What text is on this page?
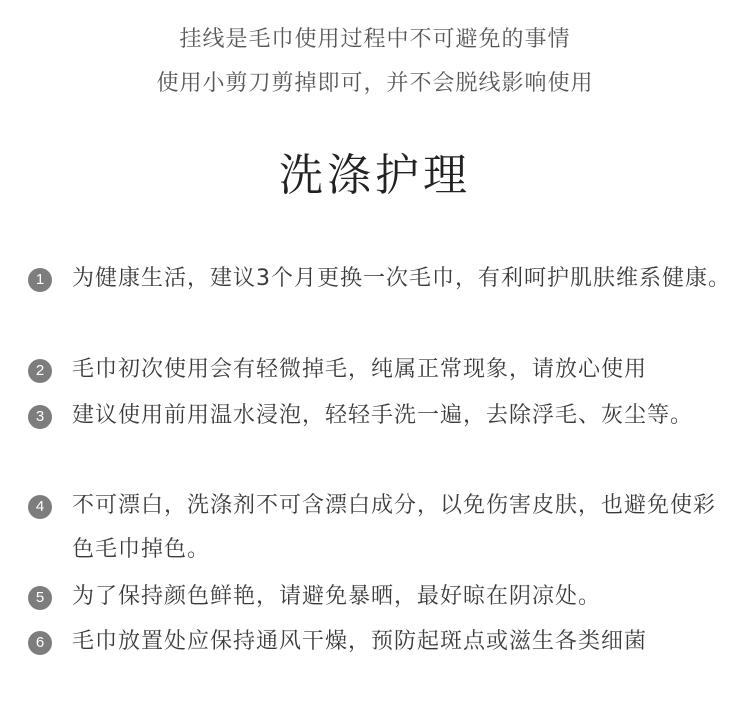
挂线是毛巾使用过程中不可避免的事情
使用小剪刀剪掉即可，并不会脱线影响使用
洗涤护理
1	为健康生活，建议3个月更换一次毛巾，有利呵护肌肤维系健康。
2	毛巾初次使用会有轻微掉毛，纯属正常现象，请放心使用
3	建议使用前用温水浸泡，轻轻手洗一遍，去除浮毛、灰尘等。
4	不可漂白，洗涤剂不可含漂白成分，以免伤害皮肤，也避免使彩色毛巾掉色。
5	为了保持颜色鲜艳，请避免暴晒，最好晾在阴凉处。
6	毛巾放置处应保持通风干燥，预防起斑点或滋生各类细菌
